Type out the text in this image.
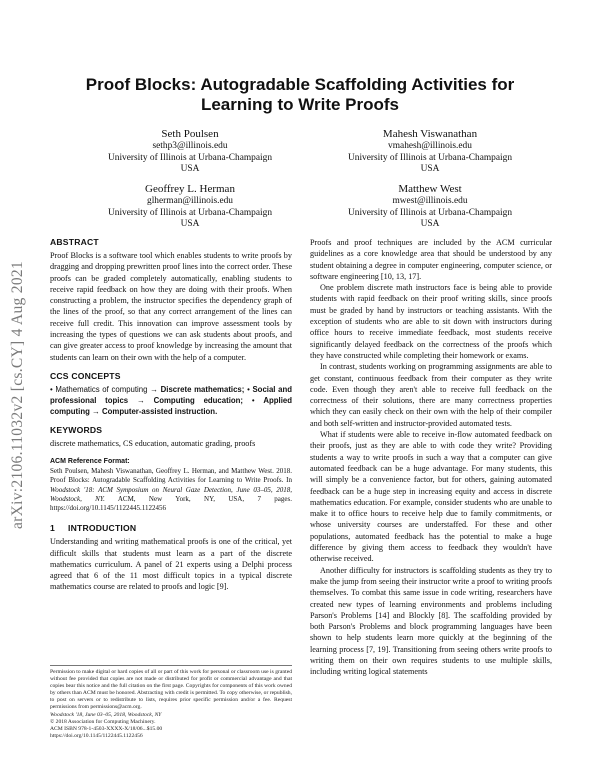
arXiv:2106.11032v2 [cs.CY] 4 Aug 2021
Proof Blocks: Autogradable Scaffolding Activities for Learning to Write Proofs
Seth Poulsen
sethp3@illinois.edu
University of Illinois at Urbana-Champaign
USA
Mahesh Viswanathan
vmahesh@illinois.edu
University of Illinois at Urbana-Champaign
USA
Geoffrey L. Herman
glherman@illinois.edu
University of Illinois at Urbana-Champaign
USA
Matthew West
mwest@illinois.edu
University of Illinois at Urbana-Champaign
USA
ABSTRACT

Proof Blocks is a software tool which enables students to write proofs by dragging and dropping prewritten proof lines into the correct order. These proofs can be graded completely automatically, enabling students to receive rapid feedback on how they are doing with their proofs. When constructing a problem, the instructor specifies the dependency graph of the lines of the proof, so that any correct arrangement of the lines can receive full credit. This innovation can improve assessment tools by increasing the types of questions we can ask students about proofs, and can give greater access to proof knowledge by increasing the amount that students can learn on their own with the help of a computer.

CCS CONCEPTS
• Mathematics of computing → Discrete mathematics; • Social and professional topics → Computing education; • Applied computing → Computer-assisted instruction.
KEYWORDS

discrete mathematics, CS education, automatic grading, proofs

ACM Reference Format:
Seth Poulsen, Mahesh Viswanathan, Geoffrey L. Herman, and Matthew West. 2018. Proof Blocks: Autogradable Scaffolding Activities for Learning to Write Proofs. In Woodstock '18: ACM Symposium on Neural Gaze Detection, June 03–05, 2018, Woodstock, NY. ACM, New York, NY, USA, 7 pages. https://doi.org/10.1145/1122445.1122456
1 INTRODUCTION

Understanding and writing mathematical proofs is one of the critical, yet difficult skills that students must learn as a part of the discrete mathematics curriculum. A panel of 21 experts using a Delphi process agreed that 6 of the 11 most difficult topics in a typical discrete mathematics course are related to proofs and logic [9].

Permission to make digital or hard copies of all or part of this work for personal or classroom use is granted without fee provided that copies are not made or distributed for profit or commercial advantage and that copies bear this notice and the full citation on the first page. Copyrights for components of this work owned by others than ACM must be honored. Abstracting with credit is permitted. To copy otherwise, or republish, to post on servers or to redistribute to lists, requires prior specific permission and/or a fee. Request permissions from permissions@acm.org.
Woodstock '18, June 03–05, 2018, Woodstock, NY
© 2018 Association for Computing Machinery.
ACM ISBN 978-1-4503-XXXX-X/18/06...$15.00
https://doi.org/10.1145/1122445.1122456

Proofs and proof techniques are included by the ACM curricular guidelines as a core knowledge area that should be understood by any student obtaining a degree in computer engineering, computer science, or software engineering [10, 13, 17].

One problem discrete math instructors face is being able to provide students with rapid feedback on their proof writing skills, since proofs must be graded by hand by instructors or teaching assistants. With the exception of students who are able to sit down with instructors during office hours to receive immediate feedback, most students receive significantly delayed feedback on the correctness of the proofs which they have constructed while completing their homework or exams.

In contrast, students working on programming assignments are able to get constant, continuous feedback from their computer as they write code. Even though they aren't able to receive full feedback on the correctness of their solutions, there are many correctness properties which they can easily check on their own with the help of their compiler and both self-written and instructor-provided automated tests.

What if students were able to receive in-flow automated feedback on their proofs, just as they are able to with code they write? Providing students a way to write proofs in such a way that a computer can give automated feedback can be a huge advantage. For many students, this will simply be a convenience factor, but for others, gaining automated feedback can be a huge step in increasing equity and access in discrete mathematics education. For example, consider students who are unable to make it to office hours to receive help due to family commitments, or whose university courses are understaffed. For these and other populations, automated feedback has the potential to make a huge difference by giving them access to feedback they wouldn't have otherwise received.

Another difficulty for instructors is scaffolding students as they try to make the jump from seeing their instructor write a proof to writing proofs themselves. To combat this same issue in code writing, researchers have created new types of learning environments and problems including Parson's Problems [14] and Blockly [8]. The scaffolding provided by both Parson's Problems and block programming languages have been shown to help students learn more quickly at the beginning of the learning process [7, 19]. Transitioning from seeing others write proofs to writing them on their own requires students to use multiple skills, including writing logical statements
